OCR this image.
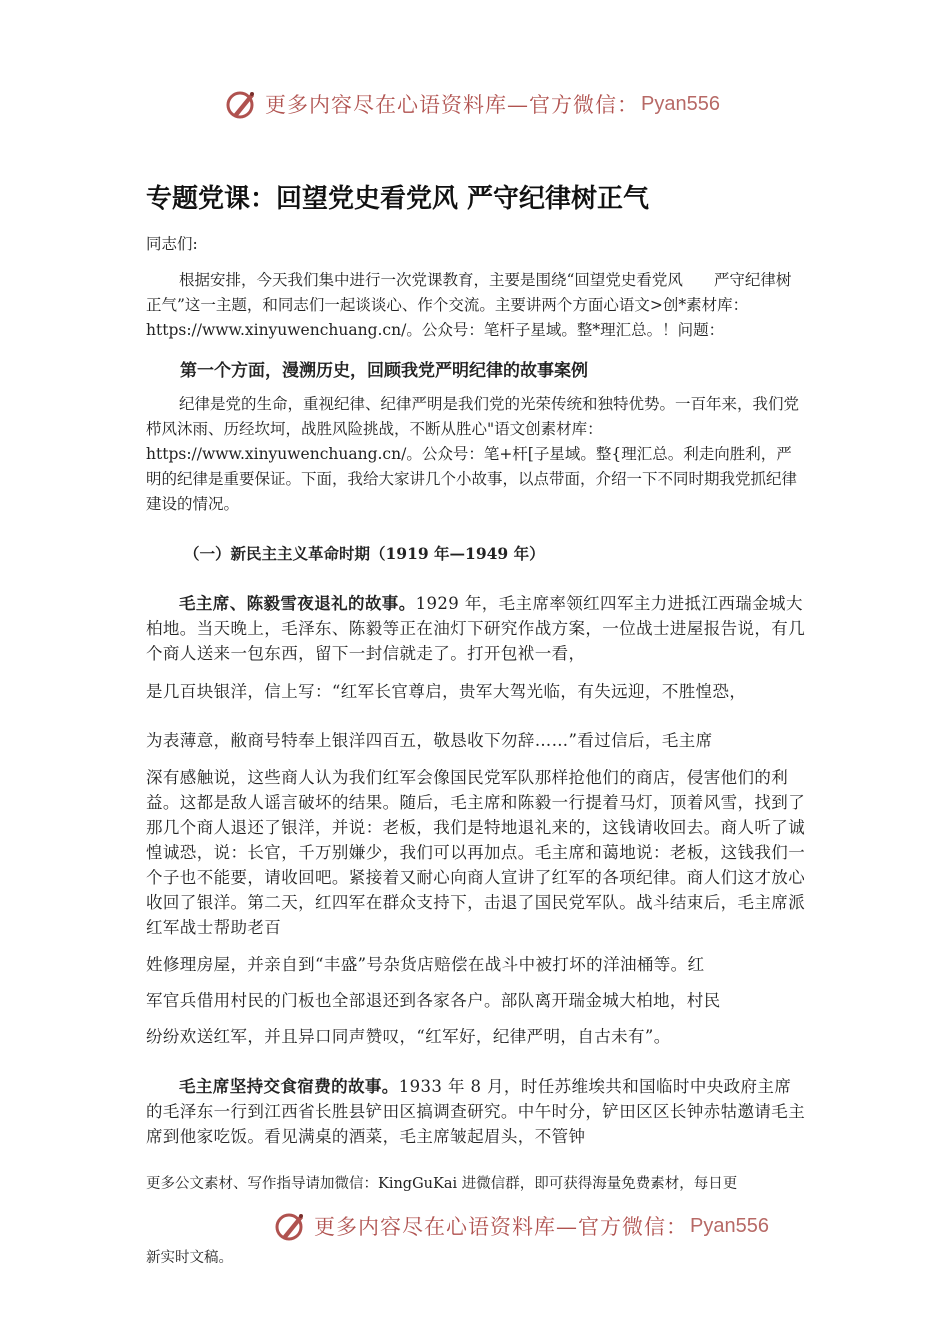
更多内容尽在心语资料库—官方微信： Pyan556
专题党课：回望党史看党风 严守纪律树正气

同志们:

根据安排，今天我们集中进行一次党课教育，主要是围绕“回望党史看党风　　严守纪律树正气”这一主题，和同志们一起谈谈心、作个交流。主要讲两个方面心语文>创*素材库：https://www.xinyuwenchuang.cn/。公众号：笔杆子星域。整*理汇总。！问题：

第一个方面，漫溯历史，回顾我党严明纪律的故事案例

纪律是党的生命，重视纪律、纪律严明是我们党的光荣传统和独特优势。一百年来，我们党栉风沐雨、历经坎坷，战胜风险挑战，不断从胜心"语文创素材库：https://www.xinyuwenchuang.cn/。公众号：笔+杆[子星域。整{理汇总。利走向胜利，严明的纪律是重要保证。下面，我给大家讲几个小故事，以点带面，介绍一下不同时期我党抓纪律建设的情况。

（一）新民主主义革命时期（1919 年—1949 年）

毛主席、陈毅雪夜退礼的故事。1929 年，毛主席率领红四军主力进抵江西瑞金城大柏地。当天晚上，毛泽东、陈毅等正在油灯下研究作战方案，一位战士进屋报告说，有几个商人送来一包东西，留下一封信就走了。打开包袱一看，

是几百块银洋，信上写：“红军长官尊启，贵军大驾光临，有失远迎，不胜惶恐，

为表薄意，敝商号特奉上银洋四百五，敬恳收下勿辞……”看过信后，毛主席

深有感触说，这些商人认为我们红军会像国民党军队那样抢他们的商店，侵害他们的利益。这都是敌人谣言破坏的结果。随后，毛主席和陈毅一行提着马灯，顶着风雪，找到了那几个商人退还了银洋，并说：老板，我们是特地退礼来的，这钱请收回去。商人听了诚惶诚恐，说：长官，千万别嫌少，我们可以再加点。毛主席和蔼地说：老板，这钱我们一个子也不能要，请收回吧。紧接着又耐心向商人宣讲了红军的各项纪律。商人们这才放心收回了银洋。第二天，红四军在群众支持下，击退了国民党军队。战斗结束后，毛主席派红军战士帮助老百

姓修理房屋，并亲自到“丰盛”号杂货店赔偿在战斗中被打坏的洋油桶等。红

军官兵借用村民的门板也全部退还到各家各户。部队离开瑞金城大柏地，村民

纷纷欢送红军，并且异口同声赞叹，“红军好，纪律严明，自古未有”。

毛主席坚持交食宿费的故事。1933 年 8 月，时任苏维埃共和国临时中央政府主席的毛泽东一行到江西省长胜县铲田区搞调查研究。中午时分，铲田区区长钟赤牯邀请毛主席到他家吃饭。看见满桌的酒菜，毛主席皱起眉头，不管钟

更多公文素材、写作指导请加微信：KingGuKai 进微信群，即可获得海量免费素材，每日更

更多内容尽在心语资料库—官方微信： Pyan556

新实时文稿。
